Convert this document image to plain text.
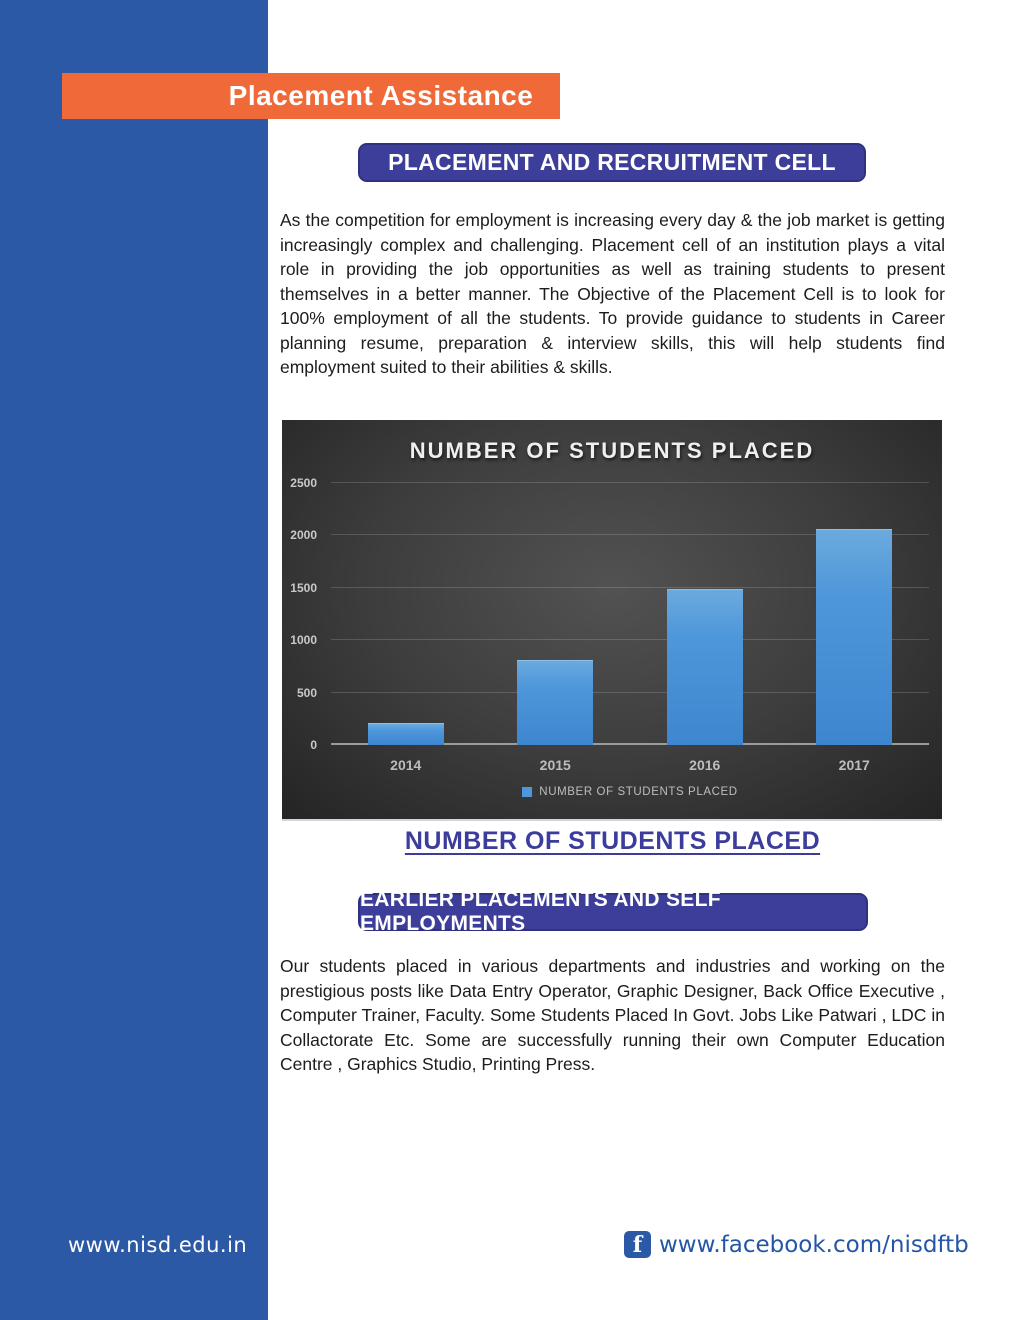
Placement Assistance
PLACEMENT AND RECRUITMENT CELL
As the competition for employment is increasing every day & the job market is getting increasingly complex and challenging. Placement cell of an institution plays a vital role in providing the job opportunities as well as training students to present themselves in a better manner. The Objective of the Placement Cell is to look for 100% employment of all the students. To provide guidance to students in Career planning resume, preparation & interview skills, this will help students find employment suited to their abilities & skills.
NUMBER OF STUDENTS PLACED
0
500
1000
1500
2000
2500
2014	2015	2016	2017
NUMBER OF STUDENTS PLACED
NUMBER OF STUDENTS PLACED
EARLIER PLACEMENTS AND SELF EMPLOYMENTS
Our students placed in various departments and industries and working on the prestigious posts like Data Entry Operator, Graphic Designer, Back Office Executive , Computer Trainer, Faculty. Some Students Placed In Govt. Jobs Like Patwari , LDC in Collactorate Etc. Some are successfully running their own Computer Education Centre , Graphics Studio, Printing Press.
www.nisd.edu.in	f www.facebook.com/nisdftb
